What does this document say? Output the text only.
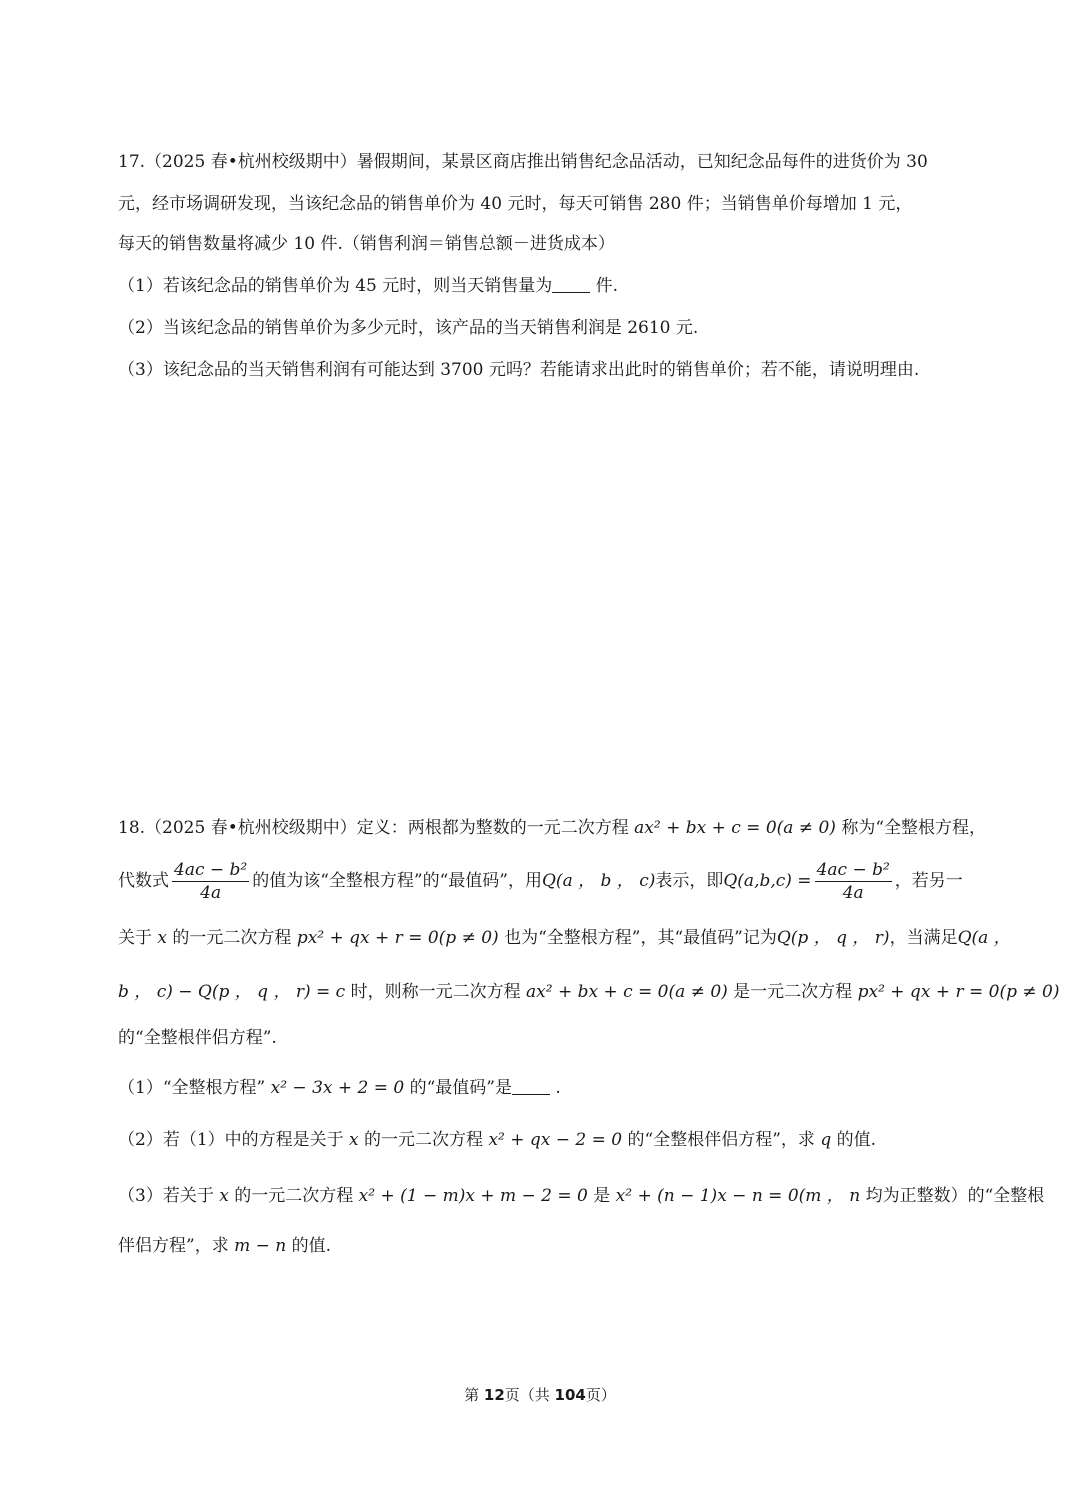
17.（2025 春•杭州校级期中）暑假期间，某景区商店推出销售纪念品活动，已知纪念品每件的进货价为 30
元，经市场调研发现，当该纪念品的销售单价为 40 元时，每天可销售 280 件；当销售单价每增加 1 元，
每天的销售数量将减少 10 件.（销售利润＝销售总额－进货成本）
（1）若该纪念品的销售单价为 45 元时，则当天销售量为 件.
（2）当该纪念品的销售单价为多少元时，该产品的当天销售利润是 2610 元.
（3）该纪念品的当天销售利润有可能达到 3700 元吗？若能请求出此时的销售单价；若不能，请说明理由.
18.（2025 春•杭州校级期中）定义：两根都为整数的一元二次方程 ax² + bx + c = 0(a ≠ 0) 称为“全整根方程，
代数式 $\frac{\text{4ac − b²}}{4a}$ 的值为该“全整根方程”的“最值码”，用Q(a ， b ， c)表示，即$Q(a,b,c) = \frac{\text{4ac − b²}}{4a}$ ，若另一
关于 x 的一元二次方程 px² + qx + r = 0(p ≠ 0) 也为“全整根方程”，其“最值码”记为Q(p ， q ， r)，当满足Q(a ，
b ， c) − Q(p ， q ， r) = c 时，则称一元二次方程 ax² + bx + c = 0(a ≠ 0) 是一元二次方程 px² + qx + r = 0(p ≠ 0)
的“全整根伴侣方程”.
（1）“全整根方程” x² − 3x + 2 = 0 的“最值码”是 .
（2）若（1）中的方程是关于 x 的一元二次方程 x² + qx − 2 = 0 的“全整根伴侣方程”，求 q 的值.
（3）若关于 x 的一元二次方程 x² + (1 − m)x + m − 2 = 0 是 x² + (n − 1)x − n = 0(m ， n 均为正整数）的“全整根
伴侣方程”，求 m − n 的值.
第 12页（共 104页）
